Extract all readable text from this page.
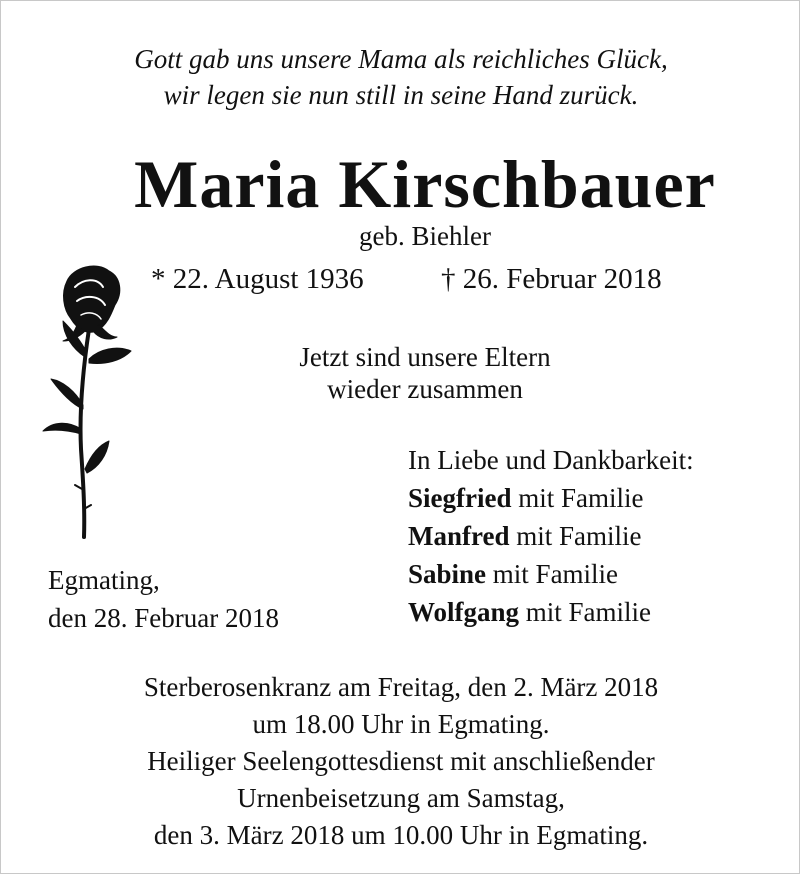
Gott gab uns unsere Mama als reichliches Glück,
wir legen sie nun still in seine Hand zurück.
Maria Kirschbauer
geb. Biehler
* 22. August 1936	† 26. Februar 2018
Jetzt sind unsere Eltern
wieder zusammen
In Liebe und Dankbarkeit:
Siegfried mit Familie
Manfred mit Familie
Sabine mit Familie
Wolfgang mit Familie
Egmating,
den 28. Februar 2018
Sterberosenkranz am Freitag, den 2. März 2018
um 18.00 Uhr in Egmating.
Heiliger Seelengottesdienst mit anschließender
Urnenbeisetzung am Samstag,
den 3. März 2018 um 10.00 Uhr in Egmating.
